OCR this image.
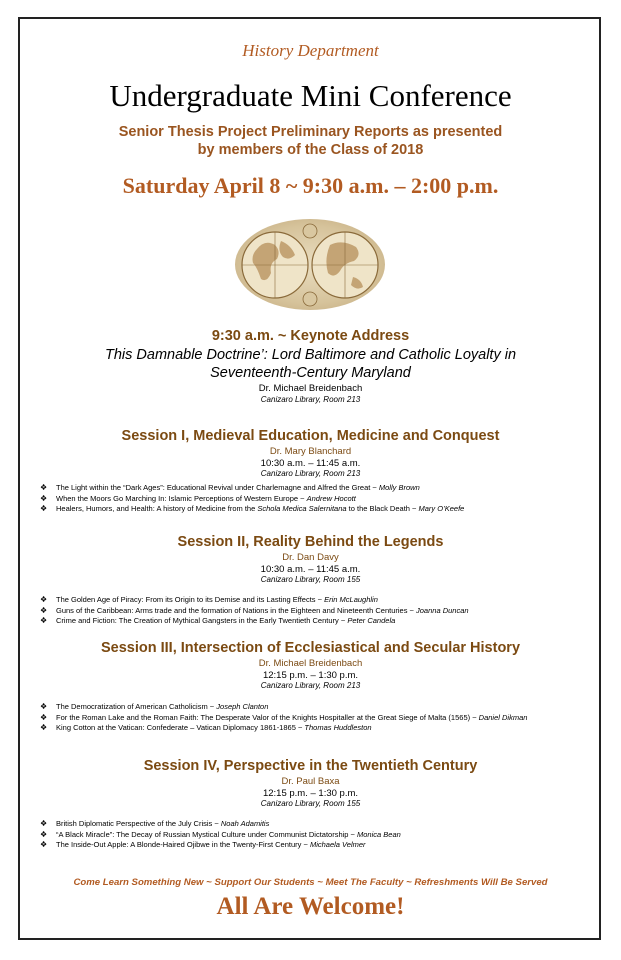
History Department
Undergraduate Mini Conference
Senior Thesis Project Preliminary Reports as presented
by members of the Class of 2018
Saturday April 8 ~ 9:30 a.m. – 2:00 p.m.
9:30 a.m. ~ Keynote Address
This Damnable Doctrine’: Lord Baltimore and Catholic Loyalty in
Seventeenth-Century Maryland
Dr. Michael Breidenbach
Canizaro Library, Room 213
Session I, Medieval Education, Medicine and Conquest
Dr. Mary Blanchard
10:30 a.m. – 11:45 a.m.
Canizaro Library, Room 213
❖ The Light within the “Dark Ages”: Educational Revival under Charlemagne and Alfred the Great ~ Molly Brown
❖ When the Moors Go Marching In: Islamic Perceptions of Western Europe ~ Andrew Hocott
❖ Healers, Humors, and Health: A history of Medicine from the Schola Medica Salernitana to the Black Death ~ Mary O’Keefe
Session II, Reality Behind the Legends
Dr. Dan Davy
10:30 a.m. – 11:45 a.m.
Canizaro Library, Room 155
❖ The Golden Age of Piracy: From its Origin to its Demise and its Lasting Effects ~ Erin McLaughlin
❖ Guns of the Caribbean: Arms trade and the formation of Nations in the Eighteen and Nineteenth Centuries ~ Joanna Duncan
❖ Crime and Fiction: The Creation of Mythical Gangsters in the Early Twentieth Century ~ Peter Candela
Session III, Intersection of Ecclesiastical and Secular History
Dr. Michael Breidenbach
12:15 p.m. – 1:30 p.m.
Canizaro Library, Room 213
❖ The Democratization of American Catholicism ~ Joseph Clanton
❖ For the Roman Lake and the Roman Faith: The Desperate Valor of the Knights Hospitaller at the Great Siege of Malta (1565) ~ Daniel Dikman
❖ King Cotton at the Vatican: Confederate – Vatican Diplomacy 1861-1865 ~ Thomas Huddleston
Session IV, Perspective in the Twentieth Century
Dr. Paul Baxa
12:15 p.m. – 1:30 p.m.
Canizaro Library, Room 155
❖ British Diplomatic Perspective of the July Crisis ~ Noah Adamitis
❖ “A Black Miracle”: The Decay of Russian Mystical Culture under Communist Dictatorship ~ Monica Bean
❖ The Inside-Out Apple: A Blonde-Haired Ojibwe in the Twenty-First Century ~ Michaela Velmer
Come Learn Something New ~ Support Our Students ~ Meet The Faculty ~ Refreshments Will Be Served
All Are Welcome!
